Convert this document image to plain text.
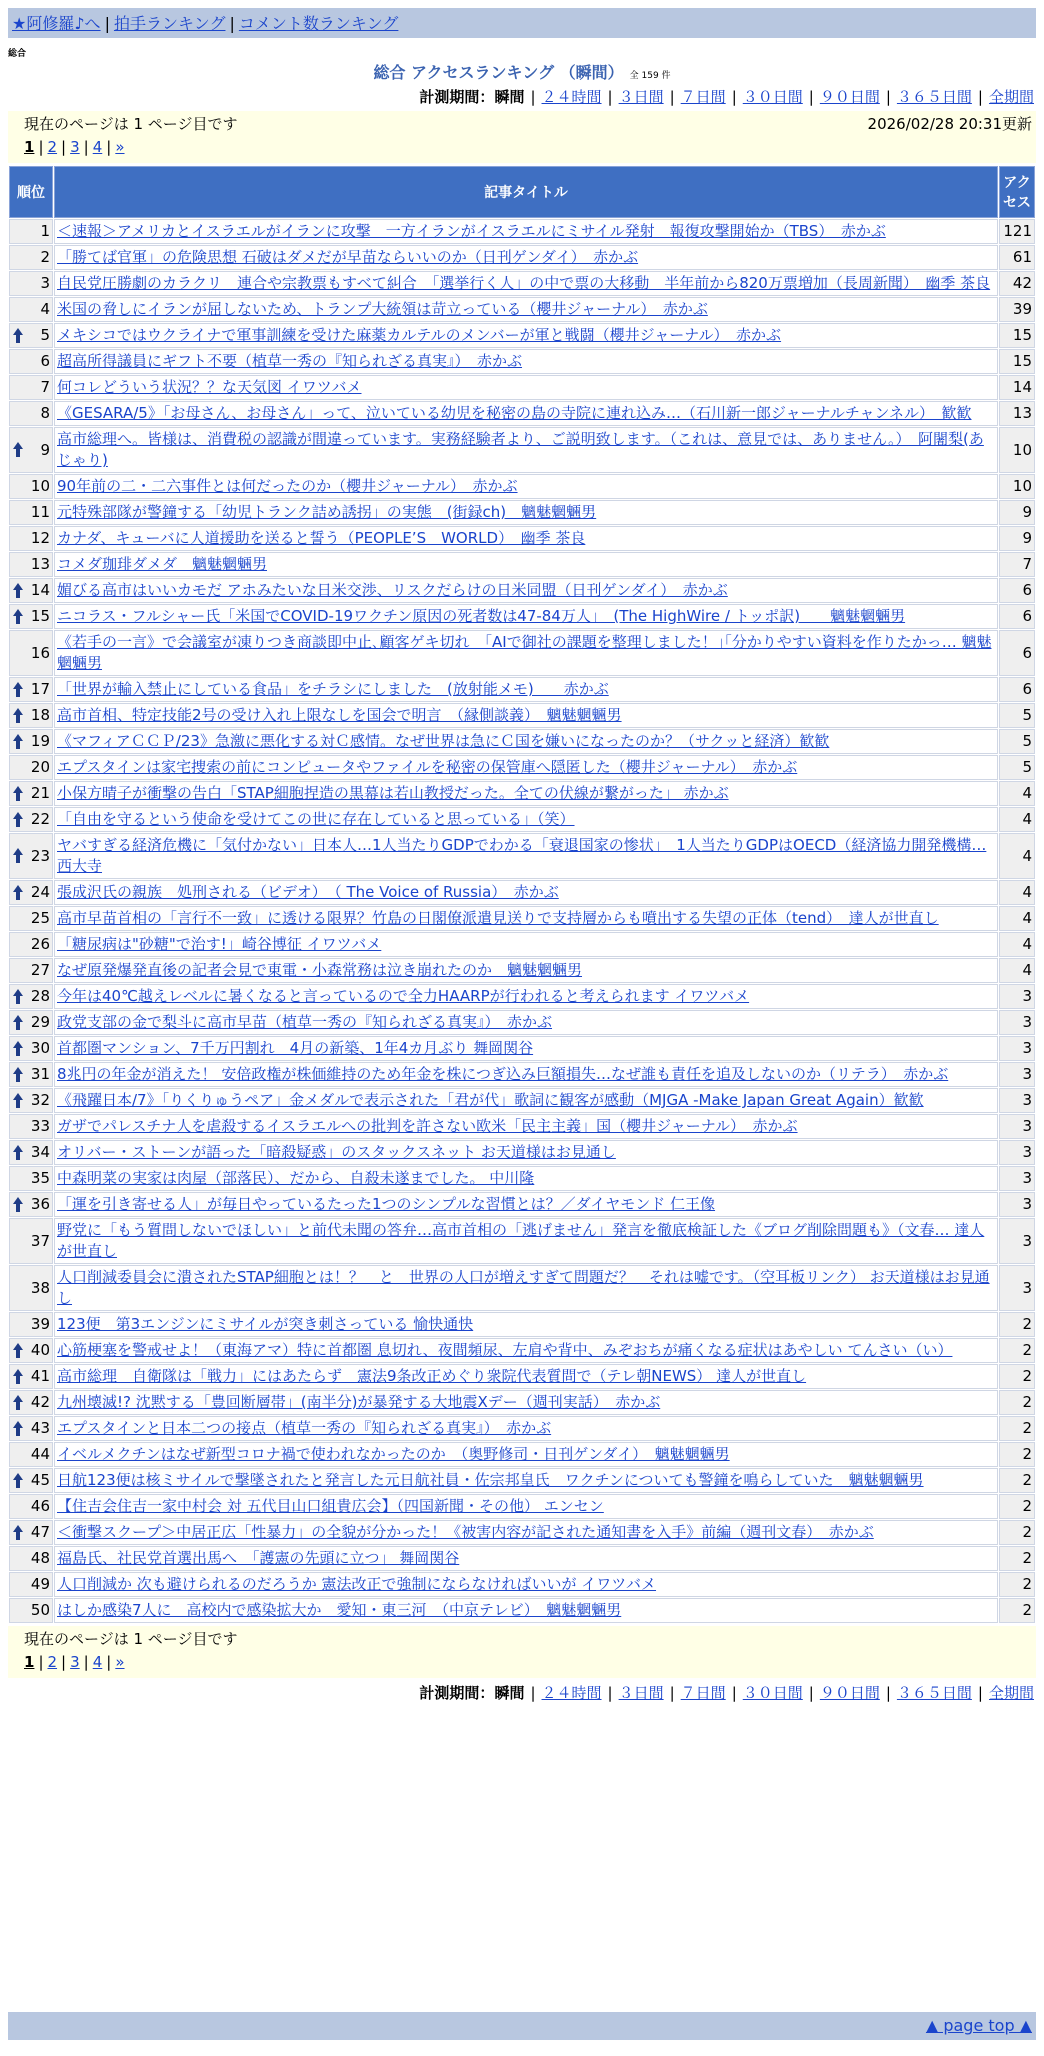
★阿修羅♪へ | 拍手ランキング | コメント数ランキング
総合
総合 アクセスランキング （瞬間） 全 159 件
計測期間：瞬間 | ２４時間 | ３日間 | ７日間 | ３０日間 | ９０日間 | ３６５日間 | 全期間
現在のページは 1 ページ目です	2026/02/28 20:31更新
1 | 2 | 3 | 4 | »
順位	記事タイトル	アクセス
1	＜速報＞アメリカとイスラエルがイランに攻撃　一方イランがイスラエルにミサイル発射　報復攻撃開始か（TBS）　赤かぶ	121
2	「勝てば官軍」の危険思想 石破はダメだが早苗ならいいのか（日刊ゲンダイ）　赤かぶ	61
3	自民党圧勝劇のカラクリ　連合や宗教票もすべて糾合　「選挙行く人」の中で票の大移動　半年前から820万票増加（長周新聞）　幽季 茶良	42
4	米国の脅しにイランが屈しないため、トランプ大統領は苛立っている（櫻井ジャーナル）　赤かぶ	39

5	メキシコではウクライナで軍事訓練を受けた麻薬カルテルのメンバーが軍と戦闘（櫻井ジャーナル）　赤かぶ	15
6	超高所得議員にギフト不要（植草一秀の『知られざる真実』）　赤かぶ	15
7	何コレどういう状況？？な天気図 イワツバメ	14
8	《GESARA/5》「お母さん、お母さん」って、泣いている幼児を秘密の島の寺院に連れ込み…（石川新一郎ジャーナルチャンネル）　歓歓	13

9	高市総理へ。皆様は、消費税の認識が間違っています。実務経験者より、ご説明致します。（これは、意見では、ありません。）　阿闍梨(あじゃり)	10
10	90年前の二・二六事件とは何だったのか（櫻井ジャーナル）　赤かぶ	10
11	元特殊部隊が警鐘する「幼児トランク詰め誘拐」の実態　(街録ch)　魑魅魍魎男	9
12	カナダ、キューバに人道援助を送ると誓う（PEOPLE’S　WORLD）　幽季 茶良	9
13	コメダ珈琲ダメダ　魑魅魍魎男	7

14	媚びる高市はいいカモだ アホみたいな日米交渉、リスクだらけの日米同盟（日刊ゲンダイ）　赤かぶ	6

15	ニコラス・フルシャー氏「米国でCOVID-19ワクチン原因の死者数は47-84万人」　(The HighWire / トッポ訳)　　魑魅魍魎男	6
16	《若手の一言》で会議室が凍りつき商談即中止､顧客ゲキ切れ　｢AIで御社の課題を整理しました！｣｢分かりやすい資料を作りたかっ… 魑魅魍魎男	6

17	「世界が輸入禁止にしている食品」をチラシにしました　(放射能メモ)　　赤かぶ	6

18	高市首相、特定技能2号の受け入れ上限なしを国会で明言　（縁側談義）　魑魅魍魎男	5

19	《マフィアＣＣＰ/23》急激に悪化する対Ｃ感情。なぜ世界は急にＣ国を嫌いになったのか？（サクッと経済）歓歓	5
20	エプスタインは家宅捜索の前にコンピュータやファイルを秘密の保管庫へ隠匿した（櫻井ジャーナル）　赤かぶ	5

21	小保方晴子が衝撃の告白「STAP細胞捏造の黒幕は若山教授だった。全ての伏線が繋がった」 赤かぶ	4

22	「自由を守るという使命を受けてこの世に存在していると思っている」（笑）	4

23	ヤバすぎる経済危機に「気付かない」日本人…1人当たりGDPでわかる「衰退国家の惨状」　1人当たりGDPはOECD（経済協力開発機構… 西大寺	4

24	張成沢氏の親族　処刑される（ビデオ）　（ The Voice of Russia）　赤かぶ	4
25	高市早苗首相の「言行不一致」に透ける限界？竹島の日閣僚派遣見送りで支持層からも噴出する失望の正体（tend）　達人が世直し	4
26	「糖尿病は"砂糖"で治す!」崎谷博征 イワツバメ	4
27	なぜ原発爆発直後の記者会見で東電・小森常務は泣き崩れたのか　魑魅魍魎男	4

28	今年は40℃越えレベルに暑くなると言っているので全力HAARPが行われると考えられます イワツバメ	3

29	政党支部の金で梨斗に高市早苗（植草一秀の『知られざる真実』）　赤かぶ	3

30	首都圏マンション、7千万円割れ　4月の新築、1年4カ月ぶり 舞岡関谷	3

31	8兆円の年金が消えた！ 安倍政権が株価維持のため年金を株につぎ込み巨額損失…なぜ誰も責任を追及しないのか（リテラ）　赤かぶ	3

32	《飛躍日本/7》「りくりゅうペア」金メダルで表示された「君が代」歌詞に観客が感動（MJGA -Make Japan Great Again）歓歓	3
33	ガザでパレスチナ人を虐殺するイスラエルへの批判を許さない欧米「民主主義」国（櫻井ジャーナル）　赤かぶ	3

34	オリバー・ストーンが語った「暗殺疑惑」のスタックスネット お天道様はお見通し	3
35	中森明菜の実家は肉屋（部落民）、だから、自殺未遂までした。 中川隆	3

36	「運を引き寄せる人」が毎日やっているたった1つのシンプルな習慣とは？／ダイヤモンド 仁王像	3
37	野党に「もう質問しないでほしい」と前代未聞の答弁…高市首相の「逃げません」発言を徹底検証した《ブログ削除問題も》（文春… 達人が世直し	3
38	人口削減委員会に潰されたSTAP細胞とは！？　と　世界の人口が増えすぎて問題だ？　それは嘘です。（空耳板リンク） お天道様はお見通し	3
39	123便　第3エンジンにミサイルが突き刺さっている 愉快通快	2

40	心筋梗塞を警戒せよ！（東海アマ）特に首都圏 息切れ、夜間頻尿、左肩や背中、みぞおちが痛くなる症状はあやしい てんさい（い）	2

41	高市総理　自衛隊は「戦力」にはあたらず　憲法9条改正めぐり衆院代表質問で（テレ朝NEWS） 達人が世直し	2

42	九州壊滅!? 沈黙する「豊回断層帯」(南半分)が暴発する大地震Xデー（週刊実話）　赤かぶ	2

43	エプスタインと日本二つの接点（植草一秀の『知られざる真実』）　赤かぶ	2
44	イベルメクチンはなぜ新型コロナ禍で使われなかったのか　（奥野修司・日刊ゲンダイ）　魑魅魍魎男	2

45	日航123便は核ミサイルで撃墜されたと発言した元日航社員・佐宗邦皇氏　ワクチンについても警鐘を鳴らしていた　魑魅魍魎男	2
46	【住吉会住吉一家中村会 対 五代目山口組貴広会】（四国新聞・その他） エンセン	2

47	＜衝撃スクープ＞中居正広「性暴力」の全貌が分かった！《被害内容が記された通知書を入手》前編（週刊文春）　赤かぶ	2
48	福島氏、社民党首選出馬へ　「護憲の先頭に立つ」 舞岡関谷	2
49	人口削減か 次も避けられるのだろうか 憲法改正で強制にならなければいいが イワツバメ	2
50	はしか感染7人に　高校内で感染拡大か　愛知・東三河　（中京テレビ）　魑魅魍魎男	2
現在のページは 1 ページ目です
1 | 2 | 3 | 4 | »
計測期間：瞬間 | ２４時間 | ３日間 | ７日間 | ３０日間 | ９０日間 | ３６５日間 | 全期間
▲ page top ▲
